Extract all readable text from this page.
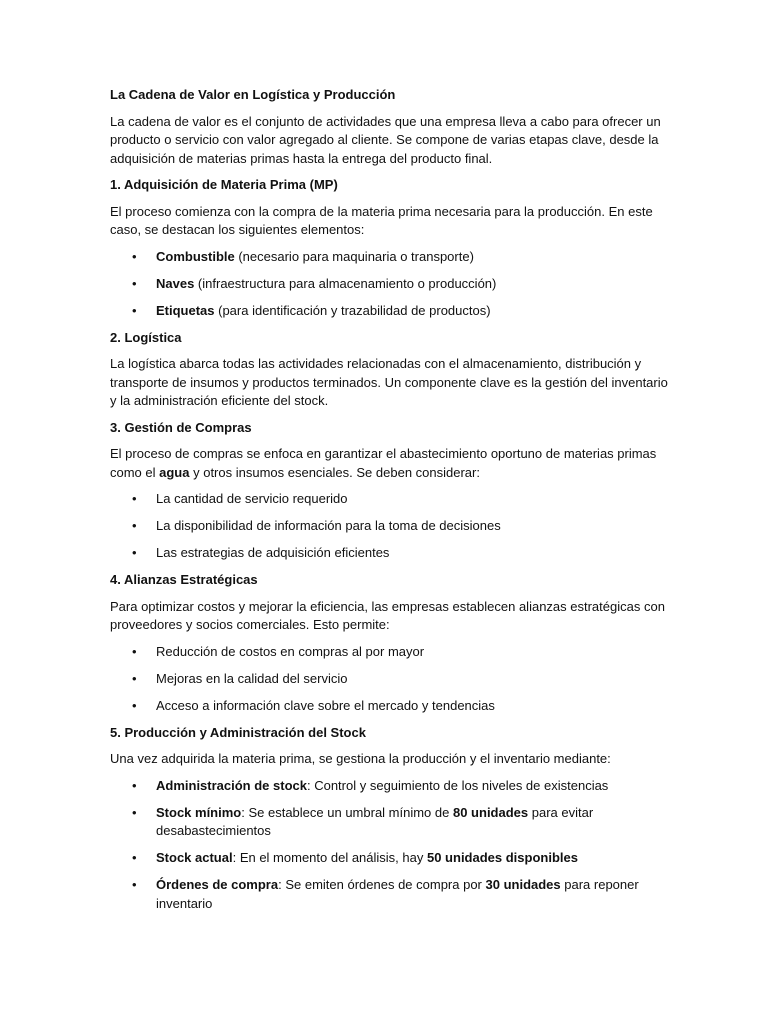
La Cadena de Valor en Logística y Producción

La cadena de valor es el conjunto de actividades que una empresa lleva a cabo para ofrecer un producto o servicio con valor agregado al cliente. Se compone de varias etapas clave, desde la adquisición de materias primas hasta la entrega del producto final.

1. Adquisición de Materia Prima (MP)

El proceso comienza con la compra de la materia prima necesaria para la producción. En este caso, se destacan los siguientes elementos:

• Combustible (necesario para maquinaria o transporte)
• Naves (infraestructura para almacenamiento o producción)
• Etiquetas (para identificación y trazabilidad de productos)

2. Logística

La logística abarca todas las actividades relacionadas con el almacenamiento, distribución y transporte de insumos y productos terminados. Un componente clave es la gestión del inventario y la administración eficiente del stock.

3. Gestión de Compras

El proceso de compras se enfoca en garantizar el abastecimiento oportuno de materias primas como el agua y otros insumos esenciales. Se deben considerar:

• La cantidad de servicio requerido
• La disponibilidad de información para la toma de decisiones
• Las estrategias de adquisición eficientes

4. Alianzas Estratégicas

Para optimizar costos y mejorar la eficiencia, las empresas establecen alianzas estratégicas con proveedores y socios comerciales. Esto permite:

• Reducción de costos en compras al por mayor
• Mejoras en la calidad del servicio
• Acceso a información clave sobre el mercado y tendencias

5. Producción y Administración del Stock

Una vez adquirida la materia prima, se gestiona la producción y el inventario mediante:

• Administración de stock: Control y seguimiento de los niveles de existencias
• Stock mínimo: Se establece un umbral mínimo de 80 unidades para evitar desabastecimientos
• Stock actual: En el momento del análisis, hay 50 unidades disponibles
• Órdenes de compra: Se emiten órdenes de compra por 30 unidades para reponer inventario
